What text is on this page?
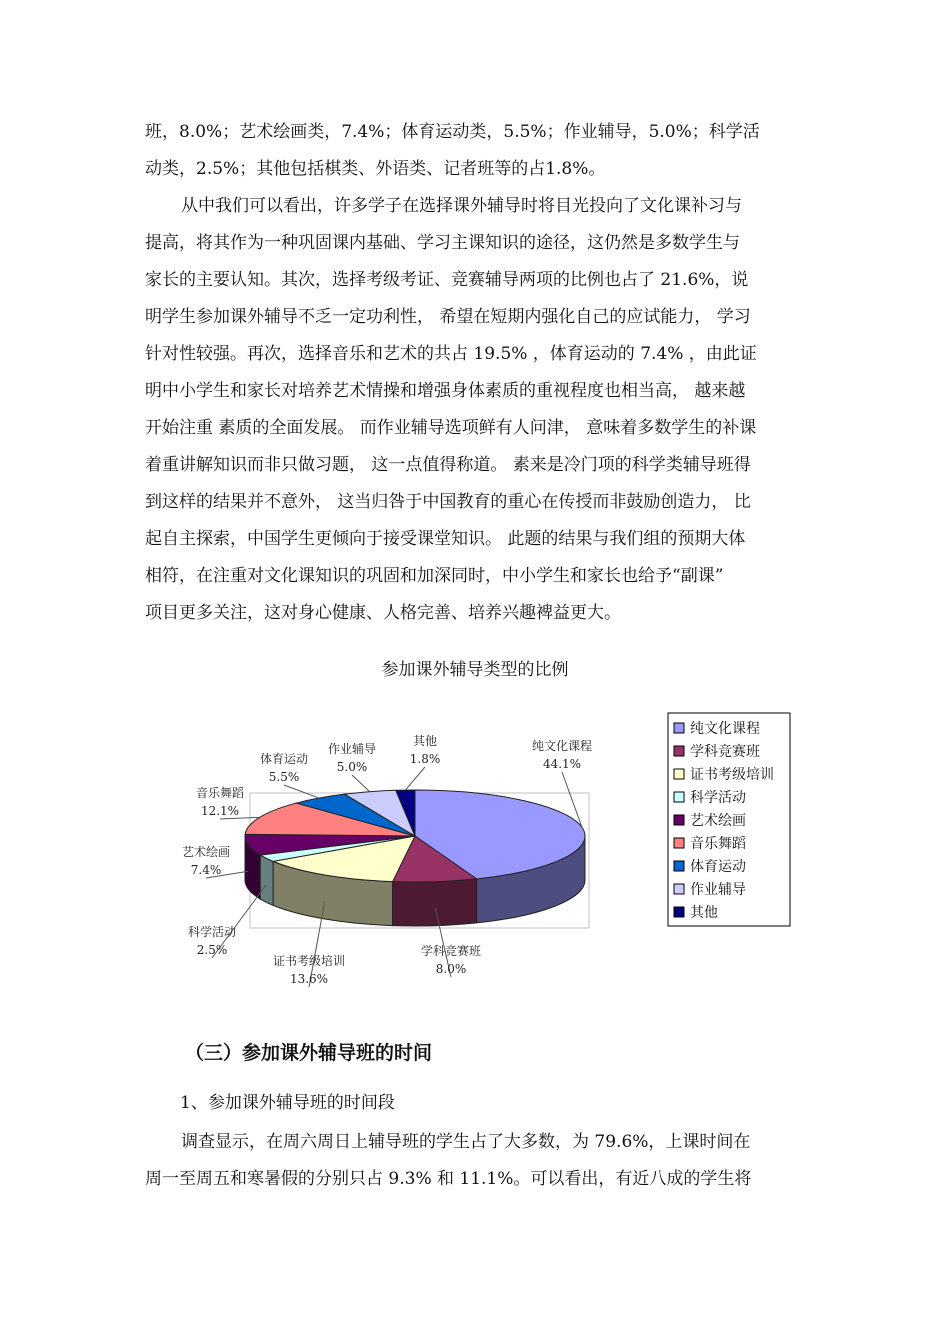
班，8.0%；艺术绘画类，7.4%；体育运动类，5.5%；作业辅导，5.0%；科学活

动类，2.5%；其他包括棋类、外语类、记者班等的占1.8%。

从中我们可以看出，许多学子在选择课外辅导时将目光投向了文化课补习与

提高，将其作为一种巩固课内基础、学习主课知识的途径，这仍然是多数学生与

家长的主要认知。其次，选择考级考证、竞赛辅导两项的比例也占了 21.6%，说

明学生参加课外辅导不乏一定功利性， 希望在短期内强化自己的应试能力， 学习

针对性较强。再次，选择音乐和艺术的共占 19.5% ，体育运动的 7.4% ，由此证

明中小学生和家长对培养艺术情操和增强身体素质的重视程度也相当高， 越来越

开始注重 素质的全面发展。 而作业辅导选项鲜有人问津， 意味着多数学生的补课

着重讲解知识而非只做习题， 这一点值得称道。 素来是冷门项的科学类辅导班得

到这样的结果并不意外， 这当归咎于中国教育的重心在传授而非鼓励创造力， 比

起自主探索，中国学生更倾向于接受课堂知识。 此题的结果与我们组的预期大体

相符，在注重对文化课知识的巩固和加深同时，中小学生和家长也给予“副课”

项目更多关注，这对身心健康、人格完善、培养兴趣裨益更大。

参加课外辅导类型的比例
纯文化课程
44.1%
学科竞赛班
8.0%
证书考级培训
13.6%
科学活动
2.5%
艺术绘画
7.4%
音乐舞蹈
12.1%
体育运动
5.5%
作业辅导
5.0%
其他
1.8%
纯文化课程
学科竞赛班
证书考级培训
科学活动
艺术绘画
音乐舞蹈
体育运动
作业辅导
其他
（三）参加课外辅导班的时间
1、参加课外辅导班的时间段

调查显示，在周六周日上辅导班的学生占了大多数，为 79.6%，上课时间在

周一至周五和寒暑假的分别只占 9.3% 和 11.1%。可以看出，有近八成的学生将
